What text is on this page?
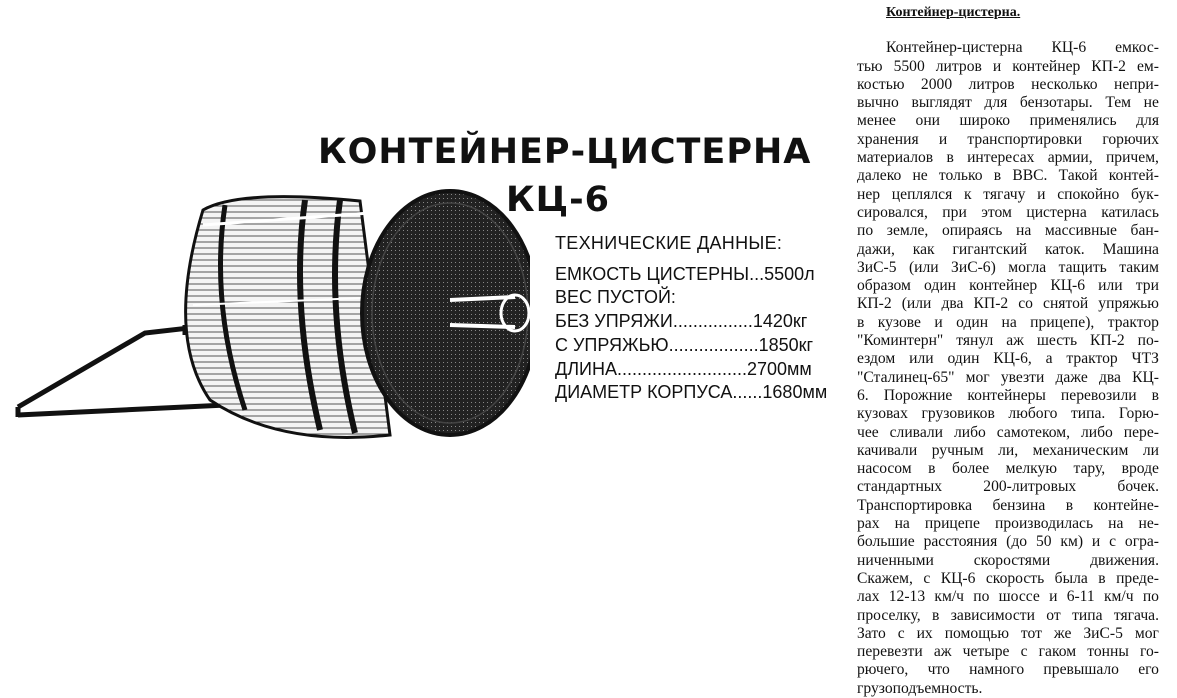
КОНТЕЙНЕР-ЦИСТЕРНА
КЦ-6
ТЕХНИЧЕСКИЕ ДАННЫЕ:
ЕМКОСТЬ ЦИСТЕРНЫ...5500л
ВЕС ПУСТОЙ:
БЕЗ УПРЯЖИ................1420кг
С УПРЯЖЬЮ..................1850кг
ДЛИНА..........................2700мм
ДИАМЕТР КОРПУСА......1680мм
Контейнер-цистерна.
Контейнер-цистерна КЦ-6 емкос-
тью 5500 литров и контейнер КП-2 ем-
костью 2000 литров несколько непри-
вычно выглядят для бензотары. Тем не
менее они широко применялись для
хранения и транспортировки горючих
материалов в интересах армии, причем,
далеко не только в ВВС. Такой контей-
нер цеплялся к тягачу и спокойно бук-
сировался, при этом цистерна катилась
по земле, опираясь на массивные бан-
дажи, как гигантский каток. Машина
ЗиС-5 (или ЗиС-6) могла тащить таким
образом один контейнер КЦ-6 или три
КП-2 (или два КП-2 со снятой упряжью
в кузове и один на прицепе), трактор
"Коминтерн" тянул аж шесть КП-2 по-
ездом или один КЦ-6, а трактор ЧТЗ
"Сталинец-65" мог увезти даже два КЦ-
6. Порожние контейнеры перевозили в
кузовах грузовиков любого типа. Горю-
чее сливали либо самотеком, либо пере-
качивали ручным ли, механическим ли
насосом в более мелкую тару, вроде
стандартных	200-литровых	бочек.
Транспортировка бензина в контейне-
рах на прицепе производилась на не-
большие расстояния (до 50 км) и с огра-
ниченными	скоростями	движения.
Скажем, с КЦ-6 скорость была в преде-
лах 12-13 км/ч по шоссе и 6-11 км/ч по
проселку, в зависимости от типа тягача.
Зато с их помощью тот же ЗиС-5 мог
перевезти аж четыре с гаком тонны го-
рючего, что намного превышало его
грузоподъемность.
